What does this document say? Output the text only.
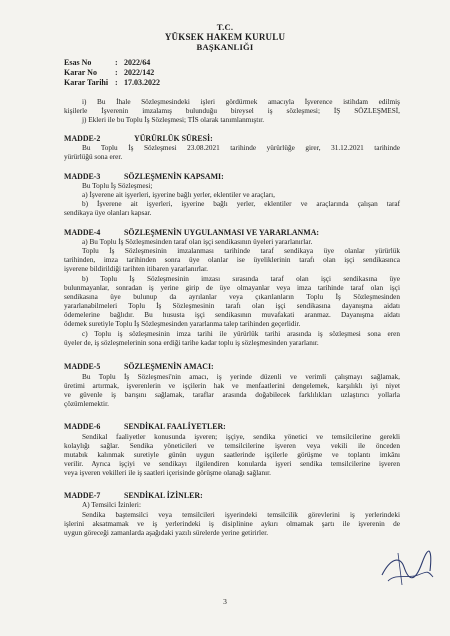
T.C.
YÜKSEK HAKEM KURULU
BAŞKANLIĞI
Esas No	: 2022/64
Karar No : 2022/142
Karar Tarihi : 17.03.2022
i) Bu İhale Sözleşmesindeki işleri gördürmek amacıyla İşverence istihdam edilmiş
kişilerle İşverenin imzalamış bulunduğu bireysel iş sözleşmesi; İŞ SÖZLEŞMESİ,
j) Ekleri ile bu Toplu İş Sözleşmesi; TİS olarak tanımlanmıştır.
MADDE-2	YÜRÜRLÜK SÜRESİ:
Bu Toplu İş Sözleşmesi 23.08.2021 tarihinde yürürlüğe girer, 31.12.2021 tarihinde
yürürlüğü sona erer.
MADDE-3	SÖZLEŞMENİN KAPSAMI:
Bu Toplu İş Sözleşmesi;
a) İşverene ait işyerleri, işyerine bağlı yerler, eklentiler ve araçları,
b) İşverene ait işyerleri, işyerine bağlı yerler, eklentiler ve araçlarında çalışan taraf
sendikaya üye olanları kapsar.
MADDE-4	SÖZLEŞMENİN UYGULANMASI VE YARARLANMA:
a) Bu Toplu İş Sözleşmesinden taraf olan işçi sendikasının üyeleri yararlanırlar.
Toplu İş Sözleşmesinin imzalanması tarihinde taraf sendikaya üye olanlar yürürlük
tarihinden, imza tarihinden sonra üye olanlar ise üyeliklerinin tarafı olan işçi sendikasınca
işverene bildirildiği tarihten itibaren yararlanırlar.
b) Toplu İş Sözleşmesinin imzası sırasında taraf olan işçi sendikasına üye
bulunmayanlar, sonradan iş yerine girip de üye olmayanlar veya imza tarihinde taraf olan işçi
sendikasına üye bulunup da ayrılanlar veya çıkarılanların Toplu İş Sözleşmesinden
yararlanabilmeleri Toplu İş Sözleşmesinin tarafı olan işçi sendikasına dayanışma aidatı
ödemelerine bağlıdır. Bu hususta işçi sendikasının muvafakati aranmaz. Dayanışma aidatı
ödemek suretiyle Toplu İş Sözleşmesinden yararlanma talep tarihinden geçerlidir.
c) Toplu iş sözleşmesinin imza tarihi ile yürürlük tarihi arasında iş sözleşmesi sona eren
üyeler de, iş sözleşmelerinin sona erdiği tarihe kadar toplu iş sözleşmesinden yararlanır.
MADDE-5	SÖZLEŞMENİN AMACI:
Bu Toplu İş Sözleşmesi'nin amacı, iş yerinde düzenli ve verimli çalışmayı sağlamak,
üretimi artırmak, işverenlerin ve işçilerin hak ve menfaatlerini dengelemek, karşılıklı iyi niyet
ve güvenle iş barışını sağlamak, taraflar arasında doğabilecek farklılıkları uzlaştırıcı yollarla
çözümlemektir.
MADDE-6	SENDİKAL FAALİYETLER:
Sendikal faaliyetler konusunda işveren; işçiye, sendika yönetici ve temsilcilerine gerekli
kolaylığı sağlar. Sendika yöneticileri ve temsilcilerine işveren veya vekili ile önceden
mutabık kalınmak suretiyle günün uygun saatlerinde işçilerle görüşme ve toplantı imkânı
verilir. Ayrıca işçiyi ve sendikayı ilgilendiren konularda işyeri sendika temsilcilerine işveren
veya işveren vekilleri ile iş saatleri içerisinde görüşme olanağı sağlanır.
MADDE-7	SENDİKAL İZİNLER:
A) Temsilci İzinleri:
Sendika baştemsilci veya temsilcileri işyerindeki temsilcilik görevlerini iş yerlerindeki
işlerini aksatmamak ve iş yerlerindeki iş disiplinine aykırı olmamak şartı ile işverenin de
uygun göreceği zamanlarda aşağıdaki yazılı sürelerde yerine getirirler.
3
